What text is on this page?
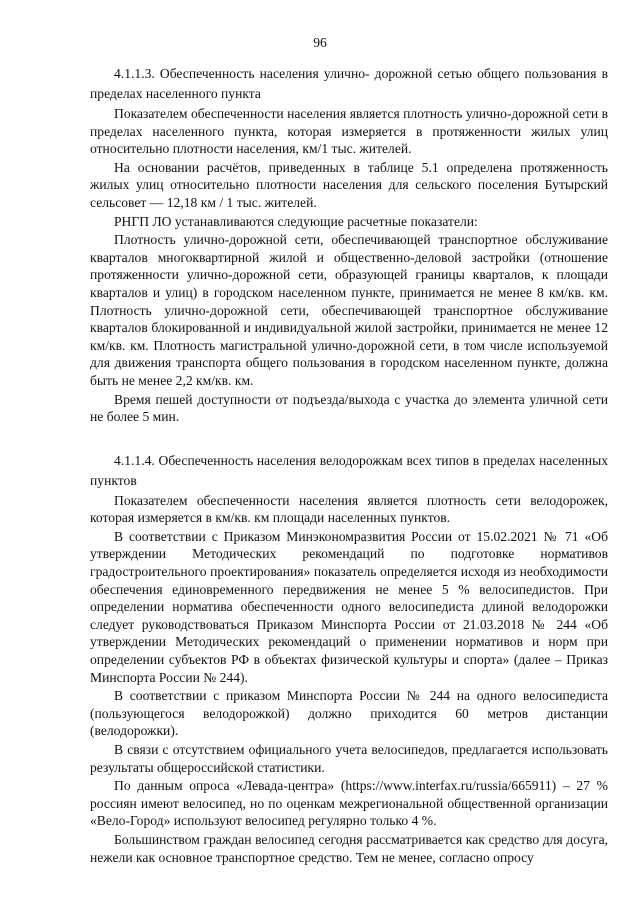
96

4.1.1.3. Обеспеченность населения улично- дорожной сетью общего пользования в пределах населенного пункта

Показателем обеспеченности населения является плотность улично-дорожной сети в пределах населенного пункта, которая измеряется в протяженности жилых улиц относительно плотности населения, км/1 тыс. жителей.

На основании расчётов, приведенных в таблице 5.1 определена протяженность жилых улиц относительно плотности населения для сельского поселения Бутырский сельсовет — 12,18 км / 1 тыс. жителей.

РНГП ЛО устанавливаются следующие расчетные показатели:

Плотность улично-дорожной сети, обеспечивающей транспортное обслуживание кварталов многоквартирной жилой и общественно-деловой застройки (отношение протяженности улично-дорожной сети, образующей границы кварталов, к площади кварталов и улиц) в городском населенном пункте, принимается не менее 8 км/кв. км. Плотность улично-дорожной сети, обеспечивающей транспортное обслуживание кварталов блокированной и индивидуальной жилой застройки, принимается не менее 12 км/кв. км. Плотность магистральной улично-дорожной сети, в том числе используемой для движения транспорта общего пользования в городском населенном пункте, должна быть не менее 2,2 км/кв. км.

Время пешей доступности от подъезда/выхода с участка до элемента уличной сети не более 5 мин.

4.1.1.4. Обеспеченность населения велодорожкам всех типов в пределах населенных пунктов

Показателем обеспеченности населения является плотность сети велодорожек, которая измеряется в км/кв. км площади населенных пунктов.

В соответствии с Приказом Минэкономразвития России от 15.02.2021 № 71 «Об утверждении Методических рекомендаций по подготовке нормативов градостроительного проектирования» показатель определяется исходя из необходимости обеспечения единовременного передвижения не менее 5 % велосипедистов. При определении норматива обеспеченности одного велосипедиста длиной велодорожки следует руководствоваться Приказом Минспорта России от 21.03.2018 № 244 «Об утверждении Методических рекомендаций о применении нормативов и норм при определении субъектов РФ в объектах физической культуры и спорта» (далее – Приказ Минспорта России № 244).

В соответствии с приказом Минспорта России № 244 на одного велосипедиста (пользующегося велодорожкой) должно приходится 60 метров дистанции (велодорожки).

В связи с отсутствием официального учета велосипедов, предлагается использовать результаты общероссийской статистики.

По данным опроса «Левада-центра» (https://www.interfax.ru/russia/665911) – 27 % россиян имеют велосипед, но по оценкам межрегиональной общественной организации «Вело-Город» используют велосипед регулярно только 4 %.

Большинством граждан велосипед сегодня рассматривается как средство для досуга, нежели как основное транспортное средство. Тем не менее, согласно опросу
